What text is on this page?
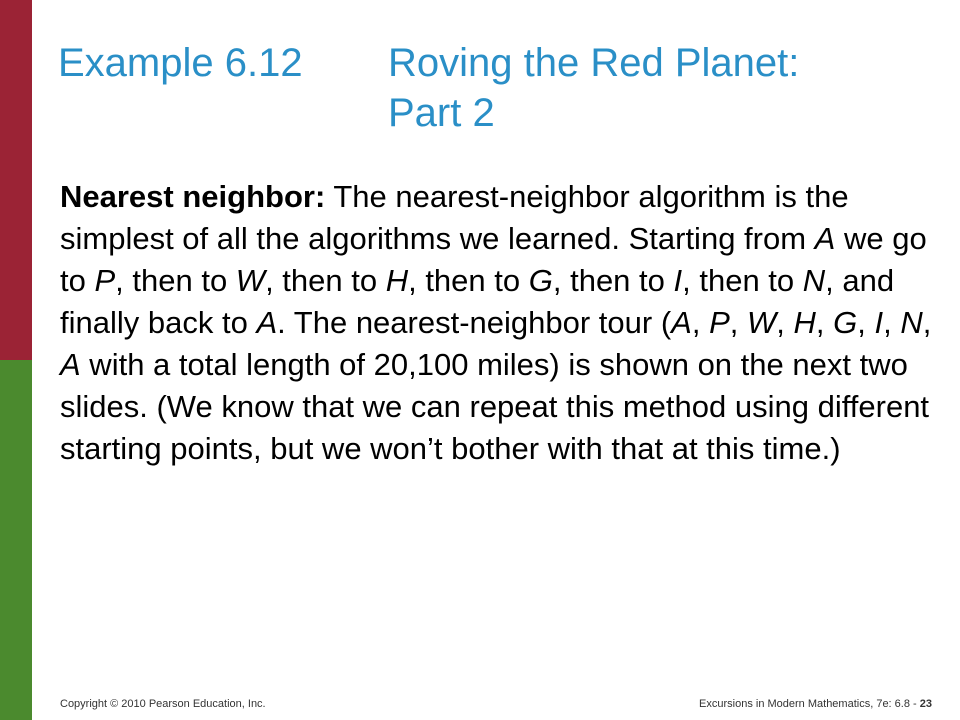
Example 6.12	Roving the Red Planet:
Part 2
Nearest neighbor: The nearest-neighbor algorithm is the simplest of all the algorithms we learned. Starting from A we go to P, then to W, then to H, then to G, then to I, then to N, and finally back to A. The nearest-neighbor tour (A, P, W, H, G, I, N, A with a total length of 20,100 miles) is shown on the next two slides. (We know that we can repeat this method using different starting points, but we won’t bother with that at this time.)
Copyright © 2010 Pearson Education, Inc.	Excursions in Modern Mathematics, 7e: 6.8 - 23
